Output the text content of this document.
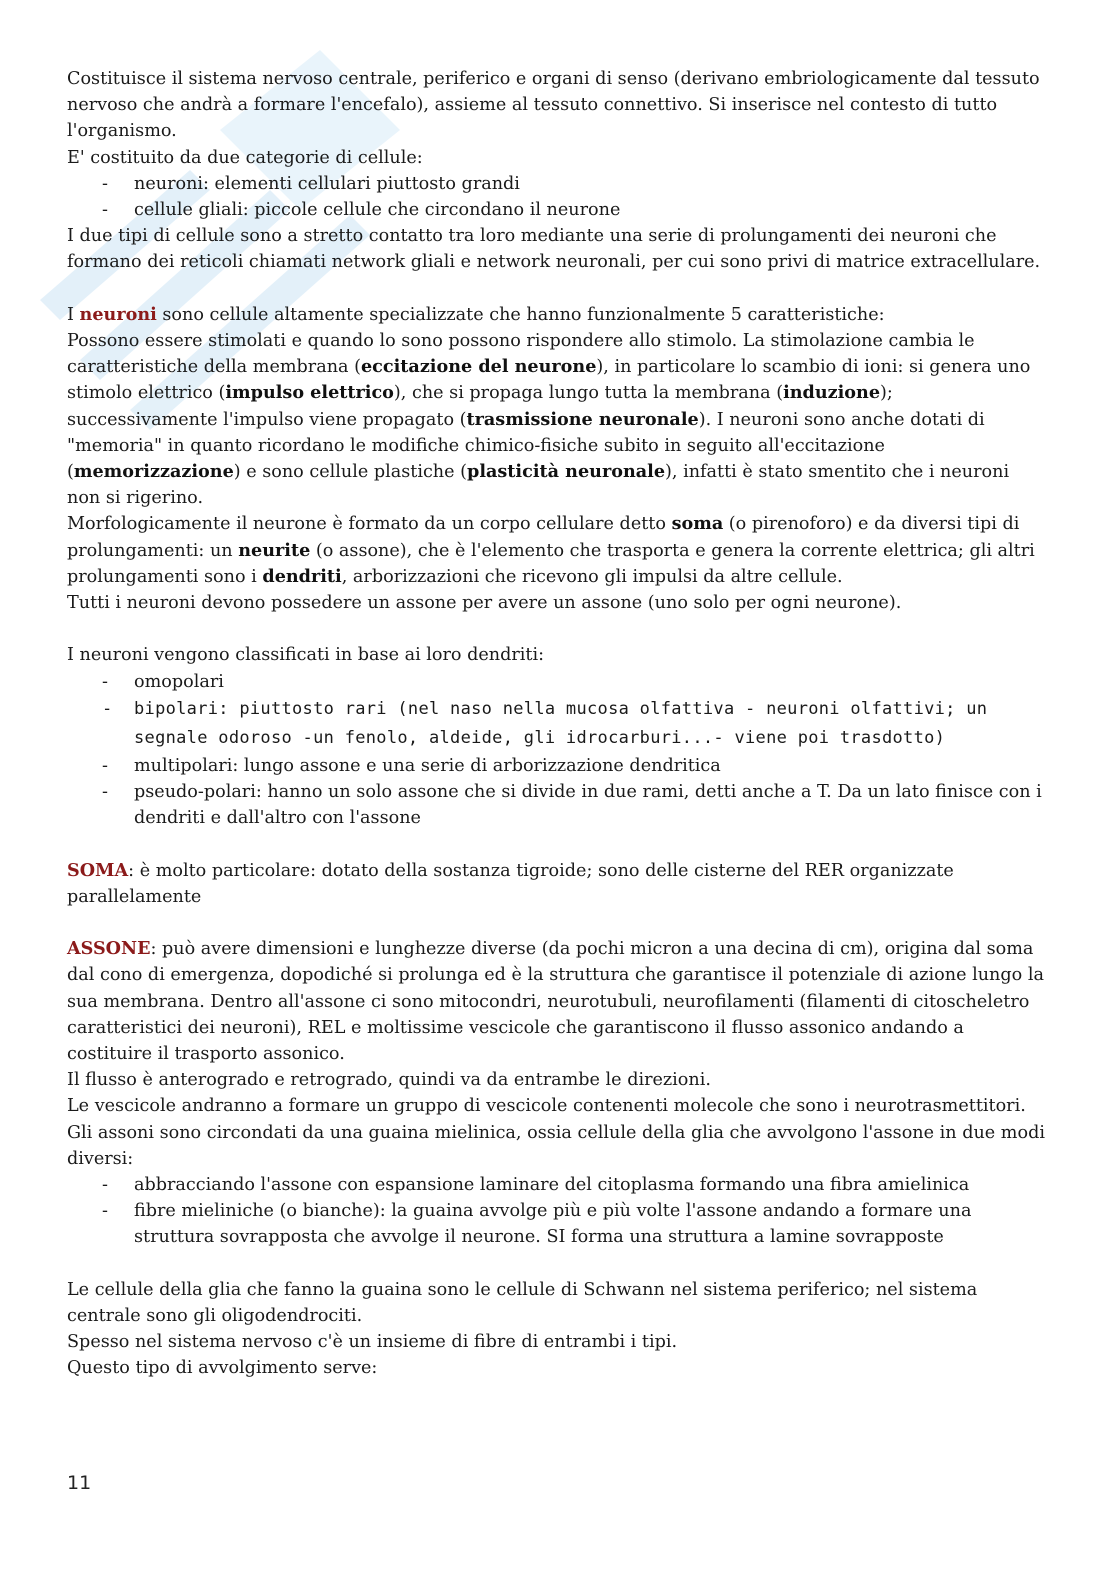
Costituisce il sistema nervoso centrale, periferico e organi di senso (derivano embriologicamente dal tessuto nervoso che andrà a formare l'encefalo), assieme al tessuto connettivo. Si inserisce nel contesto di tutto l'organismo.

E' costituito da due categorie di cellule:

- neuroni: elementi cellulari piuttosto grandi
- cellule gliali: piccole cellule che circondano il neurone

I due tipi di cellule sono a stretto contatto tra loro mediante una serie di prolungamenti dei neuroni che formano dei reticoli chiamati network gliali e network neuronali, per cui sono privi di matrice extracellulare.

I neuroni sono cellule altamente specializzate che hanno funzionalmente 5 caratteristiche:

Possono essere stimolati e quando lo sono possono rispondere allo stimolo. La stimolazione cambia le caratteristiche della membrana (eccitazione del neurone), in particolare lo scambio di ioni: si genera uno stimolo elettrico (impulso elettrico), che si propaga lungo tutta la membrana (induzione); successivamente l'impulso viene propagato (trasmissione neuronale). I neuroni sono anche dotati di "memoria" in quanto ricordano le modifiche chimico-fisiche subito in seguito all'eccitazione (memorizzazione) e sono cellule plastiche (plasticità neuronale), infatti è stato smentito che i neuroni non si rigerino.

Morfologicamente il neurone è formato da un corpo cellulare detto soma (o pirenoforo) e da diversi tipi di prolungamenti: un neurite (o assone), che è l'elemento che trasporta e genera la corrente elettrica; gli altri prolungamenti sono i dendriti, arborizzazioni che ricevono gli impulsi da altre cellule.

Tutti i neuroni devono possedere un assone per avere un assone (uno solo per ogni neurone).

I neuroni vengono classificati in base ai loro dendriti:

- omopolari
- bipolari: piuttosto rari (nel naso nella mucosa olfattiva - neuroni olfattivi; un segnale odoroso -un fenolo, aldeide, gli idrocarburi...- viene poi trasdotto)
- multipolari: lungo assone e una serie di arborizzazione dendritica
- pseudo-polari: hanno un solo assone che si divide in due rami, detti anche a T. Da un lato finisce con i dendriti e dall'altro con l'assone

SOMA: è molto particolare: dotato della sostanza tigroide; sono delle cisterne del RER organizzate parallelamente

ASSONE: può avere dimensioni e lunghezze diverse (da pochi micron a una decina di cm), origina dal soma dal cono di emergenza, dopodiché si prolunga ed è la struttura che garantisce il potenziale di azione lungo la sua membrana. Dentro all'assone ci sono mitocondri, neurotubuli, neurofilamenti (filamenti di citoscheletro caratteristici dei neuroni), REL e moltissime vescicole che garantiscono il flusso assonico andando a costituire il trasporto assonico.

Il flusso è anterogrado e retrogrado, quindi va da entrambe le direzioni.

Le vescicole andranno a formare un gruppo di vescicole contenenti molecole che sono i neurotrasmettitori.

Gli assoni sono circondati da una guaina mielinica, ossia cellule della glia che avvolgono l'assone in due modi diversi:

- abbracciando l'assone con espansione laminare del citoplasma formando una fibra amielinica
- fibre mieliniche (o bianche): la guaina avvolge più e più volte l'assone andando a formare una struttura sovrapposta che avvolge il neurone. SI forma una struttura a lamine sovrapposte

Le cellule della glia che fanno la guaina sono le cellule di Schwann nel sistema periferico; nel sistema centrale sono gli oligodendrociti.

Spesso nel sistema nervoso c'è un insieme di fibre di entrambi i tipi.

Questo tipo di avvolgimento serve:

11
